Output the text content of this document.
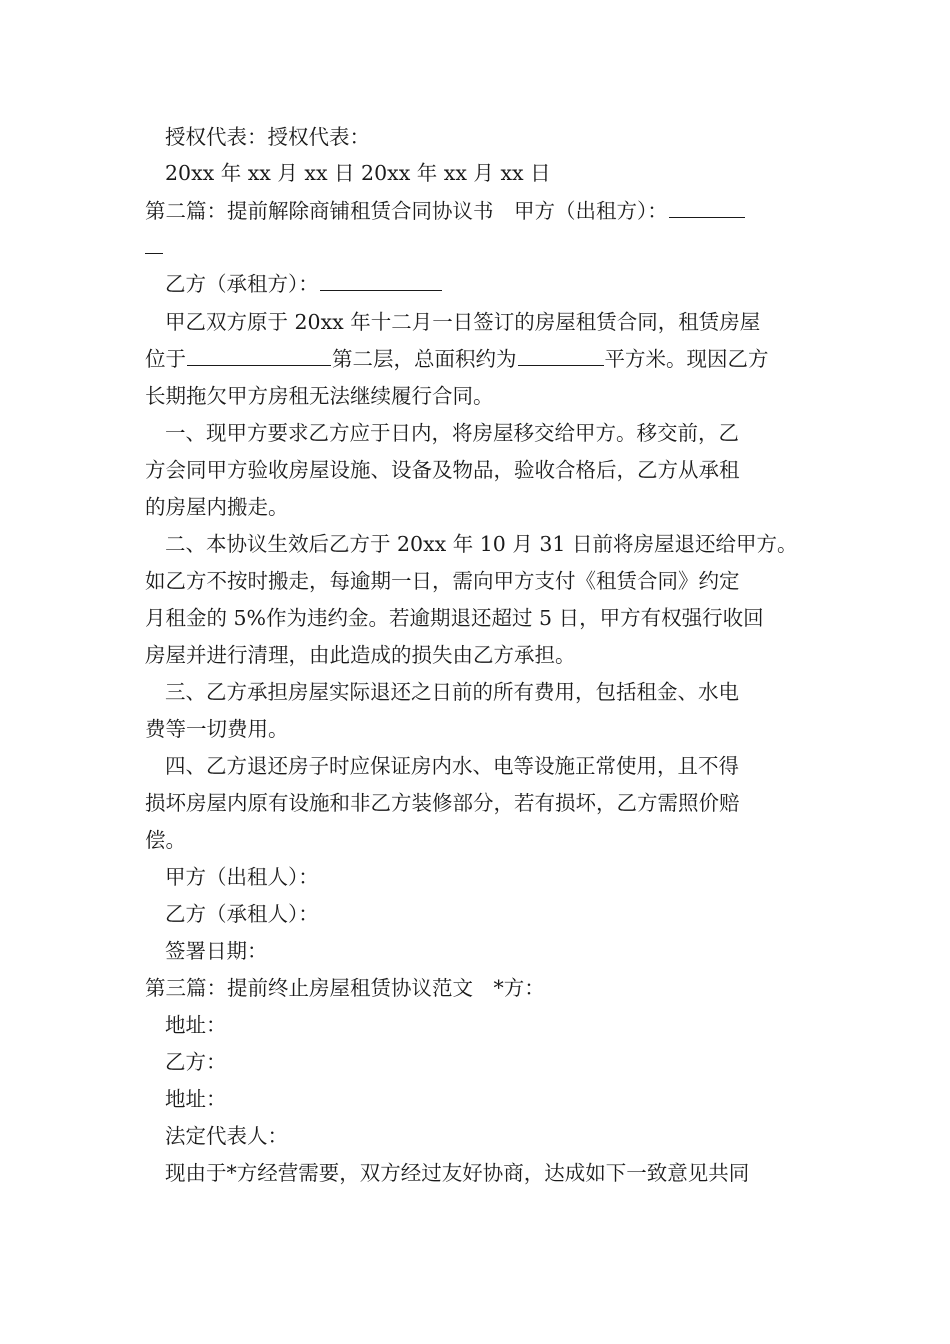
授权代表：授权代表：
20xx 年 xx 月 xx 日 20xx 年 xx 月 xx 日
第二篇：提前解除商铺租赁合同协议书　甲方（出租方）：
乙方（承租方）：
甲乙双方原于 20xx 年十二月一日签订的房屋租赁合同，租赁房屋
位于	第二层，总面积约为	平方米。现因乙方
长期拖欠甲方房租无法继续履行合同。
一、现甲方要求乙方应于日内，将房屋移交给甲方。移交前，乙
方会同甲方验收房屋设施、设备及物品，验收合格后，乙方从承租
的房屋内搬走。
二、本协议生效后乙方于 20xx 年 10 月 31 日前将房屋退还给甲方。
如乙方不按时搬走，每逾期一日，需向甲方支付《租赁合同》约定
月租金的 5%作为违约金。若逾期退还超过 5 日，甲方有权强行收回
房屋并进行清理，由此造成的损失由乙方承担。
三、乙方承担房屋实际退还之日前的所有费用，包括租金、水电
费等一切费用。
四、乙方退还房子时应保证房内水、电等设施正常使用，且不得
损坏房屋内原有设施和非乙方装修部分，若有损坏，乙方需照价赔
偿。
甲方（出租人）：
乙方（承租人）：
签署日期：
第三篇：提前终止房屋租赁协议范文　*方：
地址：
乙方：
地址：
法定代表人：
现由于*方经营需要，双方经过友好协商，达成如下一致意见共同
